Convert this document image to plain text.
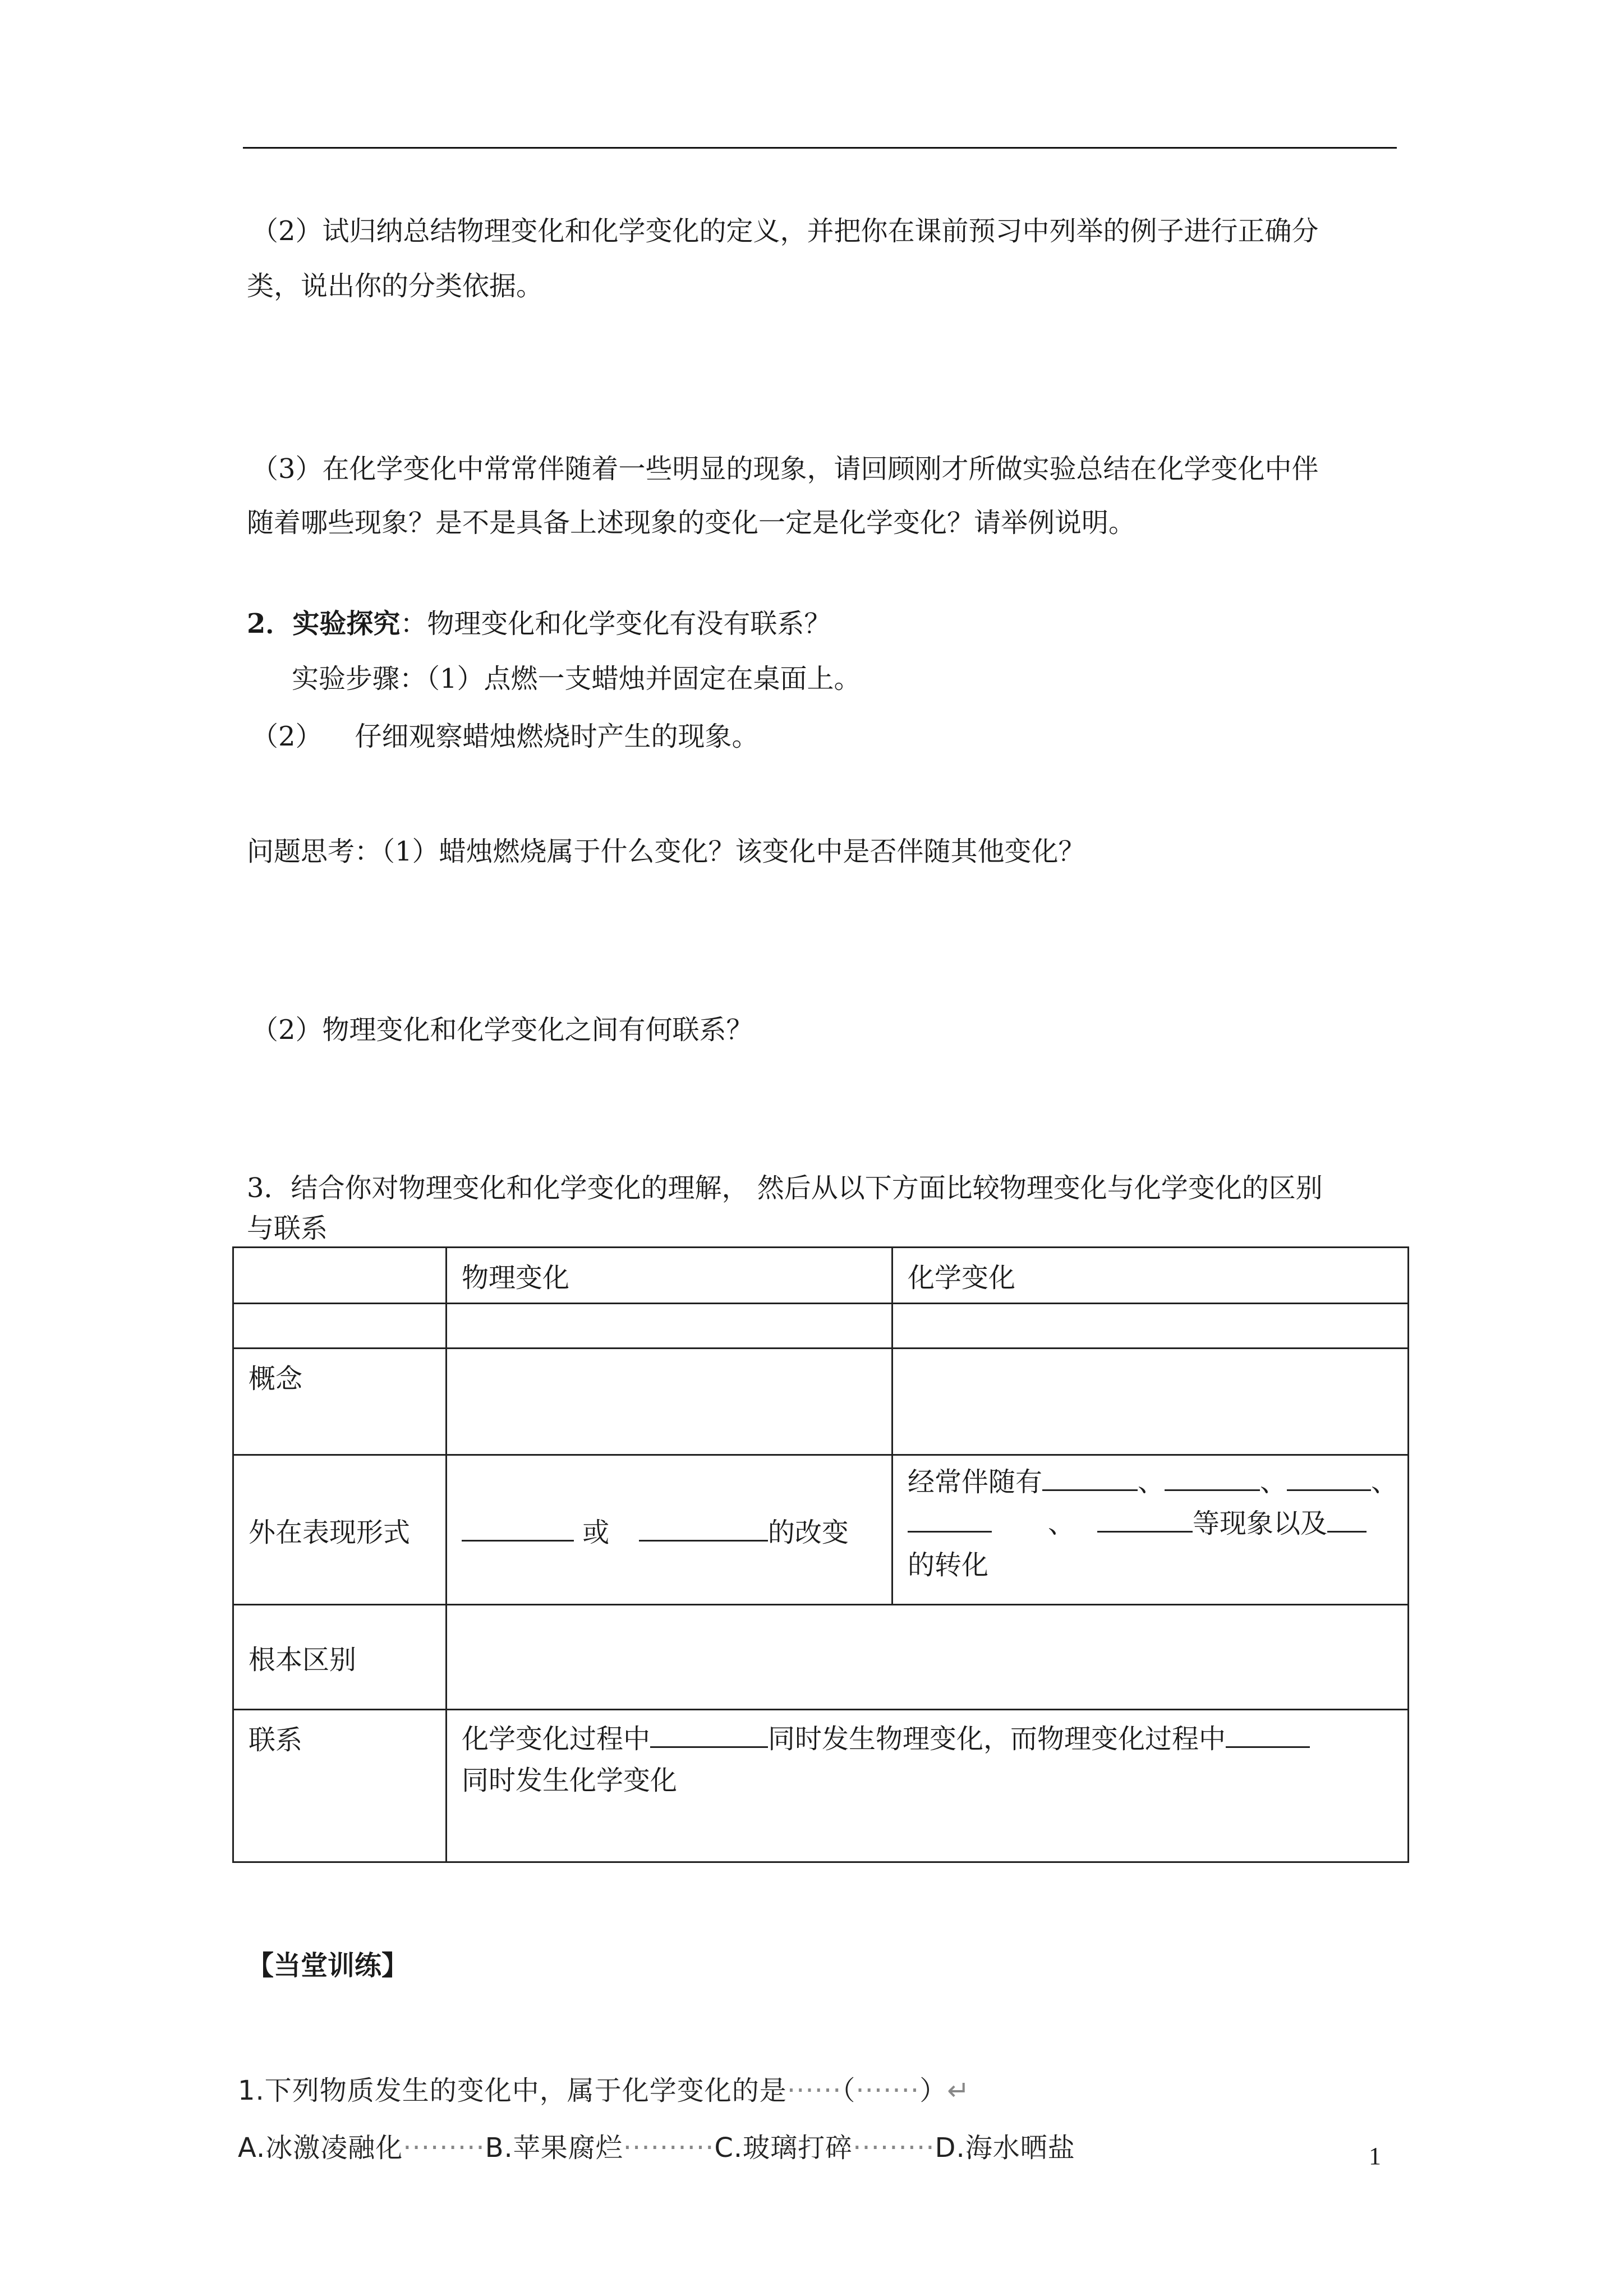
（2）试归纳总结物理变化和化学变化的定义，并把你在课前预习中列举的例子进行正确分
类，说出你的分类依据。
（3）在化学变化中常常伴随着一些明显的现象，请回顾刚才所做实验总结在化学变化中伴
随着哪些现象？是不是具备上述现象的变化一定是化学变化？请举例说明。
2．实验探究：物理变化和化学变化有没有联系？
实验步骤：（1）点燃一支蜡烛并固定在桌面上。
（2） 仔细观察蜡烛燃烧时产生的现象。
问题思考：（1）蜡烛燃烧属于什么变化？该变化中是否伴随其他变化？
（2）物理变化和化学变化之间有何联系？
3．结合你对物理变化和化学变化的理解， 然后从以下方面比较物理变化与化学变化的区别
与联系
	物理变化	化学变化

概念		
外在表现形式	或 的改变	经常伴随有 、 、 、
、 等现象以及
的转化

根本区别		
联系	化学变化过程中 同时发生物理变化，而物理变化过程中
同时发生化学变化	
【当堂训练】
1.下列物质发生的变化中，属于化学变化的是······（·······）↵
A.冰激凌融化·········B.苹果腐烂··········C.玻璃打碎·········D.海水晒盐	1
